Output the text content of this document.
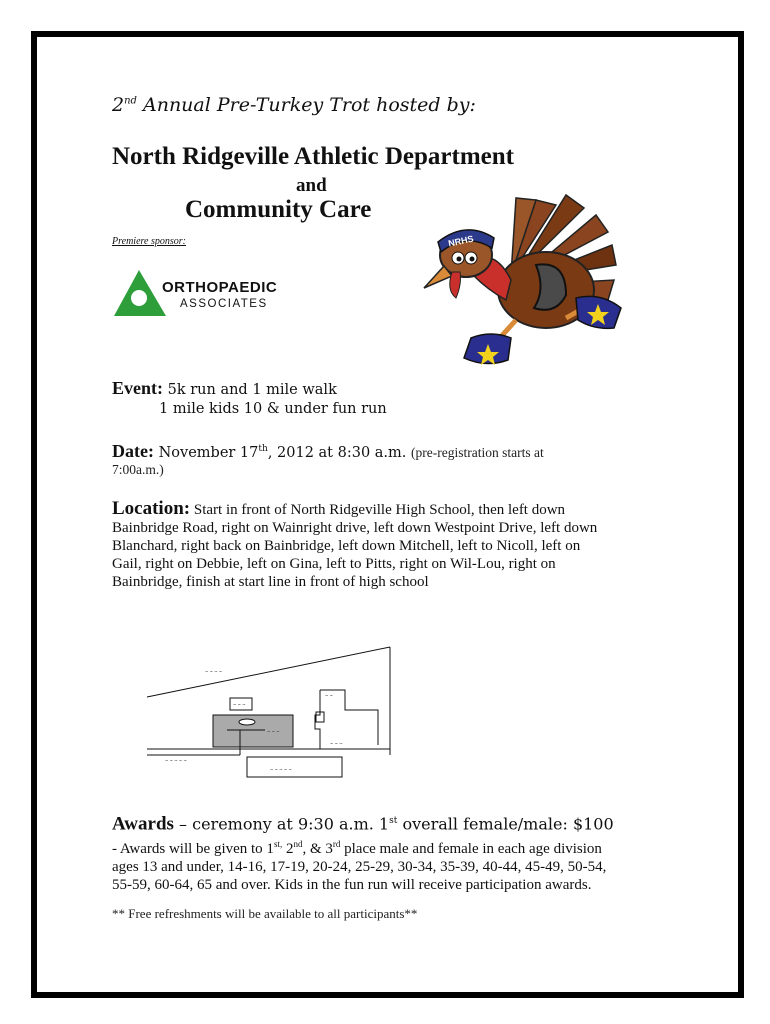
2nd Annual Pre-Turkey Trot hosted by:
North Ridgeville Athletic Department
and
Community Care
Premiere sponsor:
ORTHOPAEDIC
ASSOCIATES
NRHS
Event: 5k run and 1 mile walk
1 mile kids 10 & under fun run
Date: November 17th, 2012 at 8:30 a.m. (pre-registration starts at
7:00a.m.)
Location: Start in front of North Ridgeville High School, then left down
Bainbridge Road, right on Wainright drive, left down Westpoint Drive, left down
Blanchard, right back on Bainbridge, left down Mitchell, left to Nicoll, left on
Gail, right on Debbie, left on Gina, left to Pitts, right on Wil-Lou, right on
Bainbridge, finish at start line in front of high school
~ ~ ~ ~
~ ~ ~
~ ~
~ ~ ~
~ ~ ~ ~ ~
~ ~ ~ ~ ~
~ ~ ~
Awards – ceremony at 9:30 a.m. 1st overall female/male: $100
- Awards will be given to $1^{st,}$ 2nd, & 3rd place male and female in each age division
ages 13 and under, 14-16, 17-19, 20-24, 25-29, 30-34, 35-39, 40-44, 45-49, 50-54,
55-59, 60-64, 65 and over. Kids in the fun run will receive participation awards.
** Free refreshments will be available to all participants**
